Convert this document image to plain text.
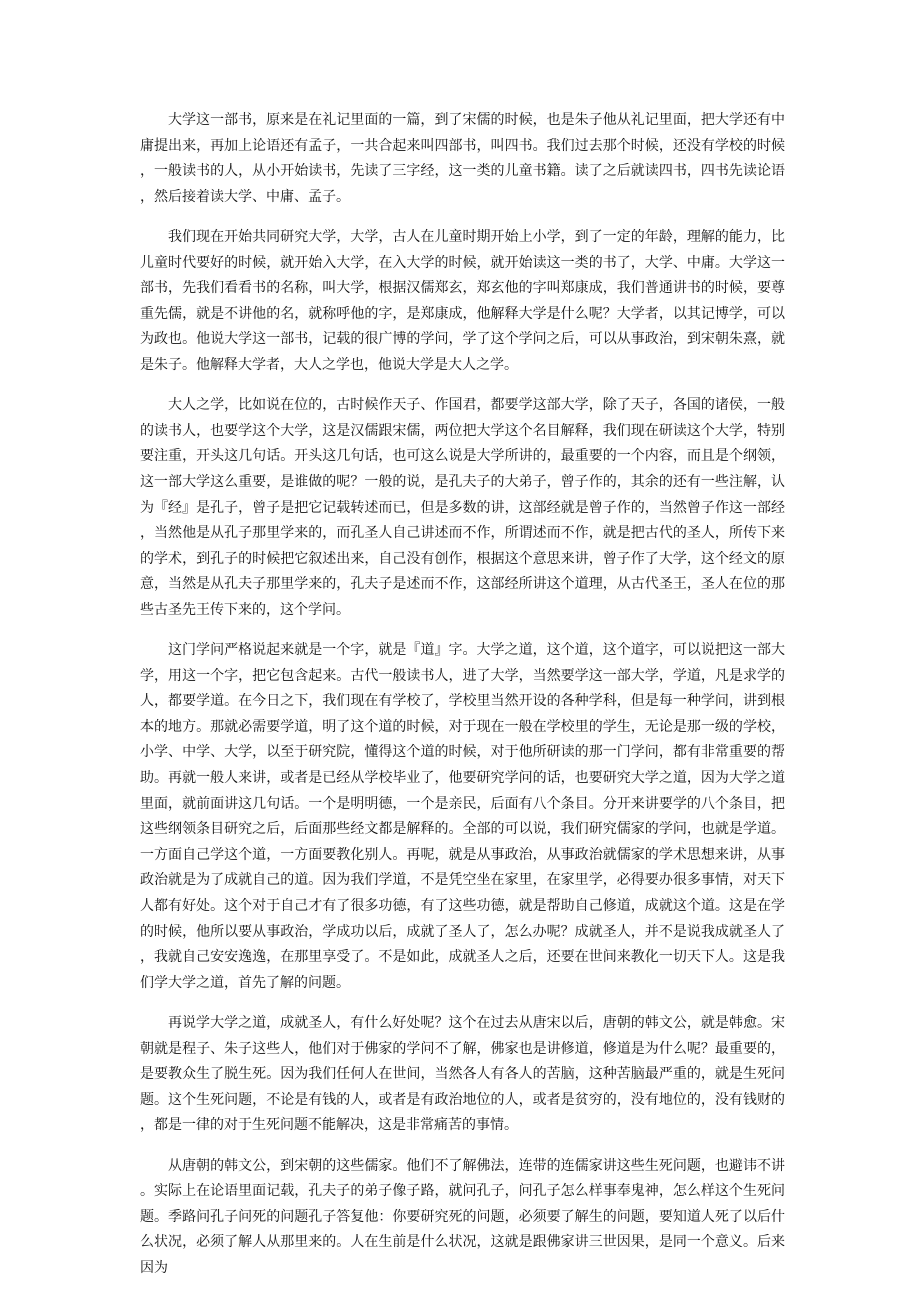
大学这一部书，原来是在礼记里面的一篇，到了宋儒的时候，也是朱子他从礼记里面，把大学还有中庸提出来，再加上论语还有孟子，一共合起来叫四部书，叫四书。我们过去那个时候，还没有学校的时候，一般读书的人，从小开始读书，先读了三字经，这一类的儿童书籍。读了之后就读四书，四书先读论语，然后接着读大学、中庸、孟子。

我们现在开始共同研究大学，大学，古人在儿童时期开始上小学，到了一定的年龄，理解的能力，比儿童时代要好的时候，就开始入大学，在入大学的时候，就开始读这一类的书了，大学、中庸。大学这一部书，先我们看看书的名称，叫大学，根据汉儒郑玄，郑玄他的字叫郑康成，我们普通讲书的时候，要尊重先儒，就是不讲他的名，就称呼他的字，是郑康成，他解释大学是什么呢？大学者，以其记博学，可以为政也。他说大学这一部书，记载的很广博的学问，学了这个学问之后，可以从事政治，到宋朝朱熹，就是朱子。他解释大学者，大人之学也，他说大学是大人之学。

大人之学，比如说在位的，古时候作天子、作国君，都要学这部大学，除了天子，各国的诸侯，一般的读书人，也要学这个大学，这是汉儒跟宋儒，两位把大学这个名目解释，我们现在研读这个大学，特别要注重，开头这几句话。开头这几句话，也可这么说是大学所讲的，最重要的一个内容，而且是个纲领，这一部大学这么重要，是谁做的呢？一般的说，是孔夫子的大弟子，曾子作的，其余的还有一些注解，认为『经』是孔子，曾子是把它记载转述而已，但是多数的讲，这部经就是曾子作的，当然曾子作这一部经，当然他是从孔子那里学来的，而孔圣人自己讲述而不作，所谓述而不作，就是把古代的圣人，所传下来的学术，到孔子的时候把它叙述出来，自己没有创作，根据这个意思来讲，曾子作了大学，这个经文的原意，当然是从孔夫子那里学来的，孔夫子是述而不作，这部经所讲这个道理，从古代圣王，圣人在位的那些古圣先王传下来的，这个学问。

这门学问严格说起来就是一个字，就是『道』字。大学之道，这个道，这个道字，可以说把这一部大学，用这一个字，把它包含起来。古代一般读书人，进了大学，当然要学这一部大学，学道，凡是求学的人，都要学道。在今日之下，我们现在有学校了，学校里当然开设的各种学科，但是每一种学问，讲到根本的地方。那就必需要学道，明了这个道的时候，对于现在一般在学校里的学生，无论是那一级的学校，小学、中学、大学，以至于研究院，懂得这个道的时候，对于他所研读的那一门学问，都有非常重要的帮助。再就一般人来讲，或者是已经从学校毕业了，他要研究学问的话，也要研究大学之道，因为大学之道里面，就前面讲这几句话。一个是明明德，一个是亲民，后面有八个条目。分开来讲要学的八个条目，把这些纲领条目研究之后，后面那些经文都是解释的。全部的可以说，我们研究儒家的学问，也就是学道。一方面自己学这个道，一方面要教化别人。再呢，就是从事政治，从事政治就儒家的学术思想来讲，从事政治就是为了成就自己的道。因为我们学道，不是凭空坐在家里，在家里学，必得要办很多事情，对天下人都有好处。这个对于自己才有了很多功德，有了这些功德，就是帮助自己修道，成就这个道。这是在学的时候，他所以要从事政治，学成功以后，成就了圣人了，怎么办呢？成就圣人，并不是说我成就圣人了，我就自己安安逸逸，在那里享受了。不是如此，成就圣人之后，还要在世间来教化一切天下人。这是我们学大学之道，首先了解的问题。

再说学大学之道，成就圣人，有什么好处呢？这个在过去从唐宋以后，唐朝的韩文公，就是韩愈。宋朝就是程子、朱子这些人，他们对于佛家的学问不了解，佛家也是讲修道，修道是为什么呢？最重要的，是要教众生了脱生死。因为我们任何人在世间，当然各人有各人的苦脑，这种苦脑最严重的，就是生死问题。这个生死问题，不论是有钱的人，或者是有政治地位的人，或者是贫穷的，没有地位的，没有钱财的，都是一律的对于生死问题不能解决，这是非常痛苦的事情。

从唐朝的韩文公，到宋朝的这些儒家。他们不了解佛法，连带的连儒家讲这些生死问题，也避讳不讲。实际上在论语里面记载，孔夫子的弟子像子路，就问孔子，问孔子怎么样事奉鬼神，怎么样这个生死问题。季路问孔子问死的问题孔子答复他：你要研究死的问题，必须要了解生的问题，要知道人死了以后什么状况，必须了解人从那里来的。人在生前是什么状况，这就是跟佛家讲三世因果，是同一个意义。后来因为
